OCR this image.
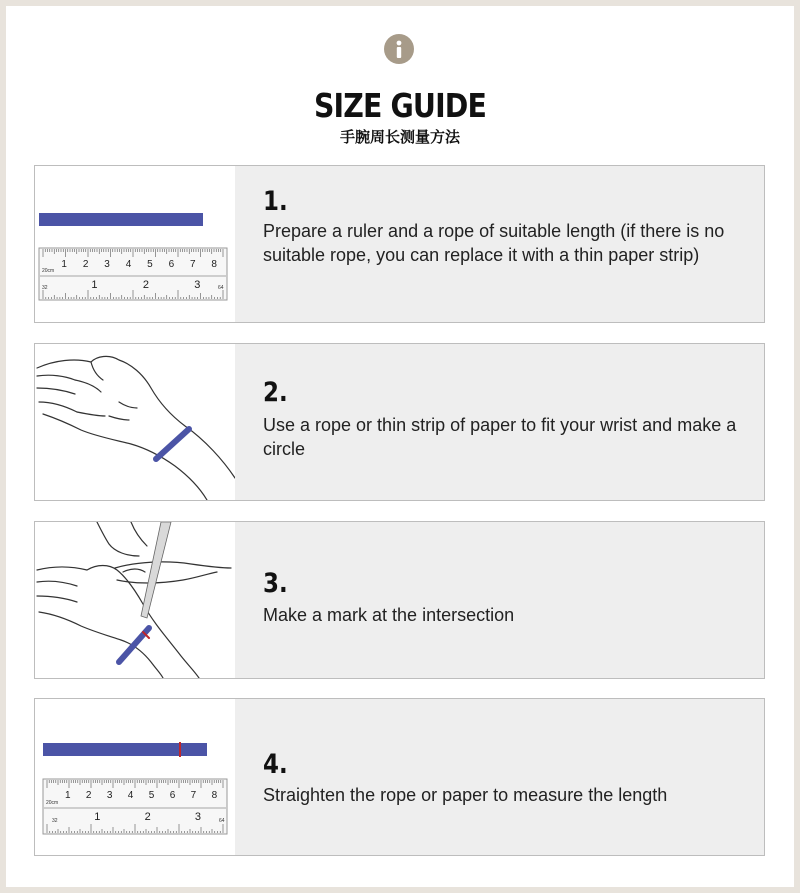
SIZE GUIDE
手腕周长测量方法
20cm
32	64
1 2 3 4 5 6 7 8
1	2	3
1.
Prepare a ruler and a rope of suitable length (if there is no suitable rope, you can replace it with a thin paper strip)
2.
Use a rope or thin strip of paper to fit your wrist and make a circle
3.
Make a mark at the intersection
20cm
32	64
1 2 3 4 5 6 7 8
1	2	3
4.
Straighten the rope or paper to measure the length
